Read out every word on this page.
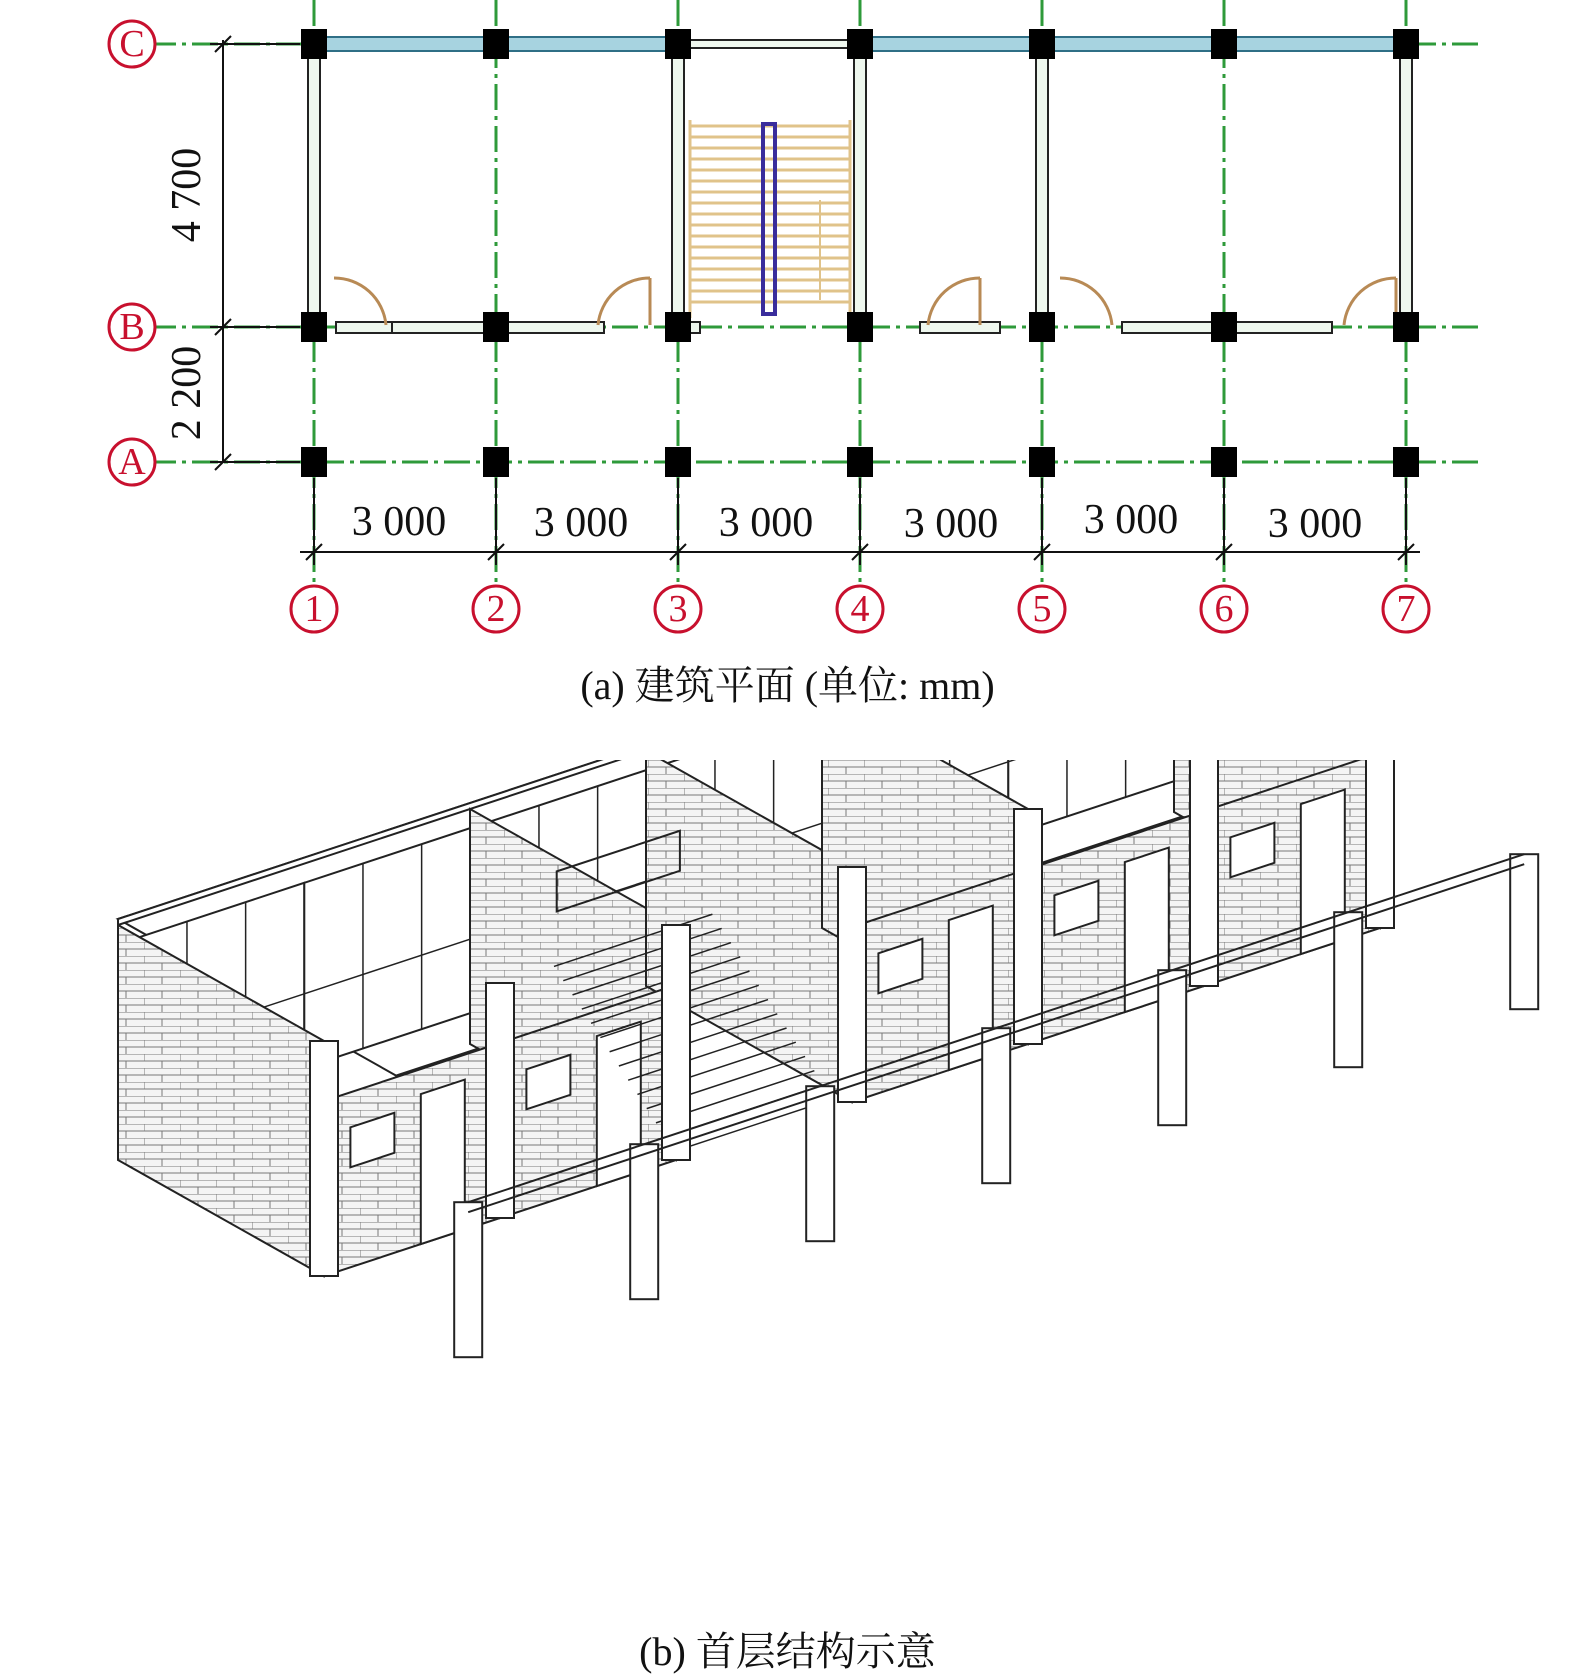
4 700
2 200
3 000 3 000 3 000 3 000 3 000 3 000
C
B
A
1	2	3	4	5	6	7
(a) 建筑平面 (单位: mm)
(b) 首层结构示意
